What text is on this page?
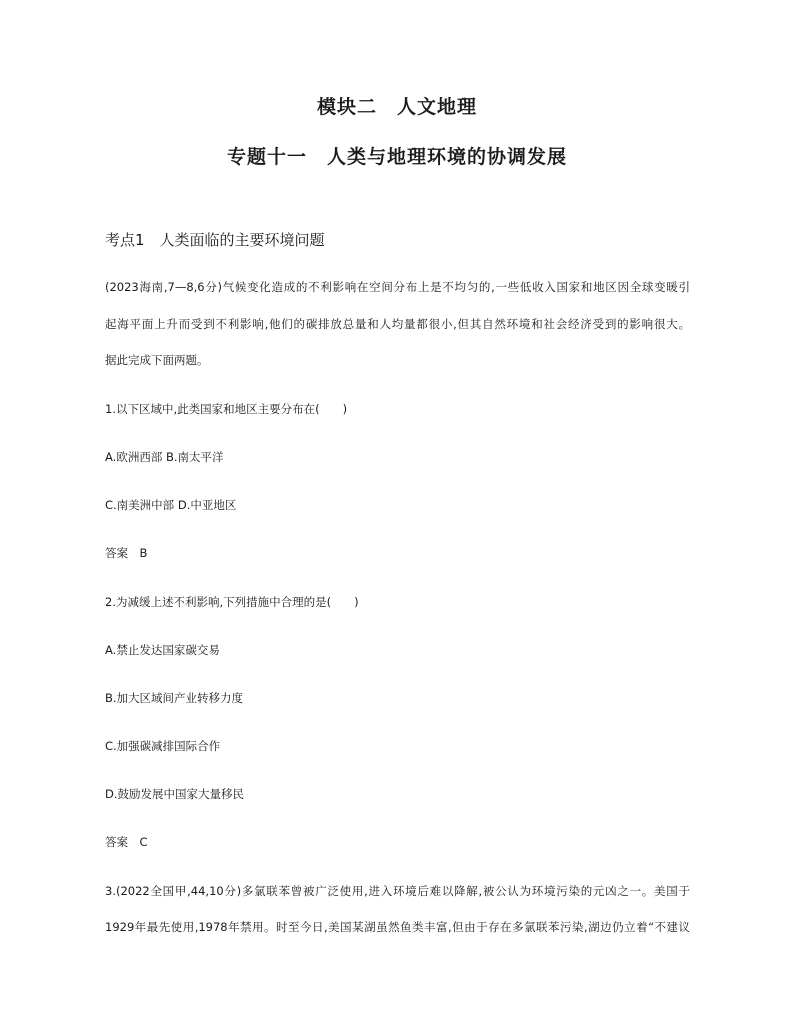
模块二　人文地理
专题十一　人类与地理环境的协调发展
考点1　人类面临的主要环境问题
(2023海南,7—8,6分)气候变化造成的不利影响在空间分布上是不均匀的,一些低收入国家和地区因全球变暖引
起海平面上升而受到不利影响,他们的碳排放总量和人均量都很小,但其自然环境和社会经济受到的影响很大。
据此完成下面两题。
1.以下区域中,此类国家和地区主要分布在(　　)
A.欧洲西部 B.南太平洋
C.南美洲中部 D.中亚地区
答案　B
2.为减缓上述不利影响,下列措施中合理的是(　　)
A.禁止发达国家碳交易
B.加大区域间产业转移力度
C.加强碳减排国际合作
D.鼓励发展中国家大量移民
答案　C
3.(2022全国甲,44,10分)多氯联苯曾被广泛使用,进入环境后难以降解,被公认为环境污染的元凶之一。美国于
1929年最先使用,1978年禁用。时至今日,美国某湖虽然鱼类丰富,但由于存在多氯联苯污染,湖边仍立着“不建议
